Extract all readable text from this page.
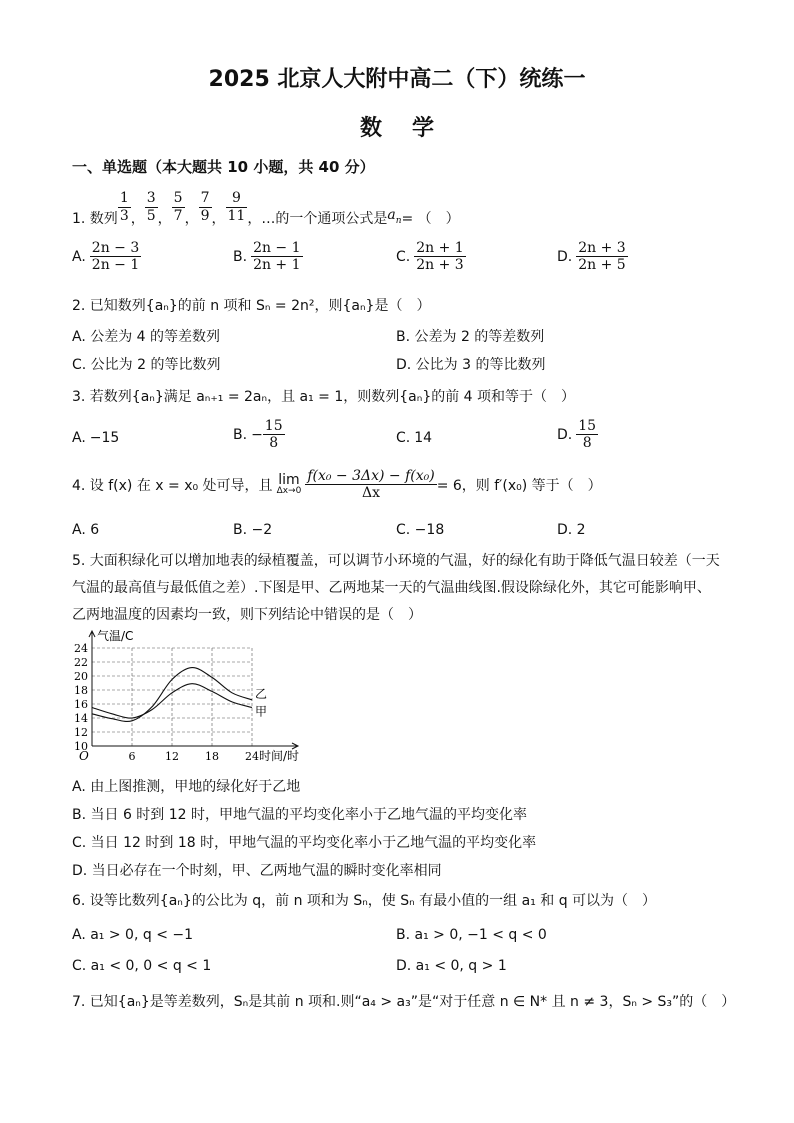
2025 北京人大附中高二（下）统练一
数学
一、单选题（本大题共 10 小题，共 40 分）
1. 数列 $\frac{1}{3}$ ， $\frac{3}{5}$ ， $\frac{5}{7}$ ， $\frac{7}{9}$ ， $\frac{9}{11}$ ，…的一个通项公式是 $a_n$ = （　）
A. $\frac{2n - 3}{2n - 1}$	B. $\frac{2n - 1}{2n + 1}$	C. $\frac{2n + 1}{2n + 3}$	D. $\frac{2n + 3}{2n + 5}$
2. 已知数列{aₙ}的前 n 项和 Sₙ = 2n²，则{aₙ}是（　）
A. 公差为 4 的等差数列	B. 公差为 2 的等差数列
C. 公比为 2 的等比数列	D. 公比为 3 的等比数列
3. 若数列{aₙ}满足 aₙ₊₁ = 2aₙ，且 a₁ = 1，则数列{aₙ}的前 4 项和等于（　）
A. −15	B. − $\frac{15}{8}$	C. 14	D. $\frac{15}{8}$
4. 设 f(x) 在 x = x₀ 处可导，且 lim
$\Delta x\to 0 \frac{\text{f(x₀ − 3Δx) − f(x₀)}}{\Delta x} = 6$，则 f′(x₀) 等于（　）
A. 6	B. −2	C. −18	D. 2
5. 大面积绿化可以增加地表的绿植覆盖，可以调节小环境的气温，好的绿化有助于降低气温日较差（一天
气温的最高值与最低值之差）.下图是甲、乙两地某一天的气温曲线图.假设除绿化外，其它可能影响甲、
乙两地温度的因素均一致，则下列结论中错误的是（　）
10
12
14
16
18
20
22
24
6	12 18 24
气温/C
时间/时
O
甲
乙
A. 由上图推测，甲地的绿化好于乙地
B. 当日 6 时到 12 时，甲地气温的平均变化率小于乙地气温的平均变化率
C. 当日 12 时到 18 时，甲地气温的平均变化率小于乙地气温的平均变化率
D. 当日必存在一个时刻，甲、乙两地气温的瞬时变化率相同
6. 设等比数列{aₙ}的公比为 q，前 n 项和为 Sₙ，使 Sₙ 有最小值的一组 a₁ 和 q 可以为（　）
A. a₁ > 0, q < −1	B. a₁ > 0, −1 < q < 0
C. a₁ < 0, 0 < q < 1	D. a₁ < 0, q > 1
7. 已知{aₙ}是等差数列，Sₙ是其前 n 项和.则“a₄ > a₃”是“对于任意 n ∈ N* 且 n ≠ 3，Sₙ > S₃”的（　）
